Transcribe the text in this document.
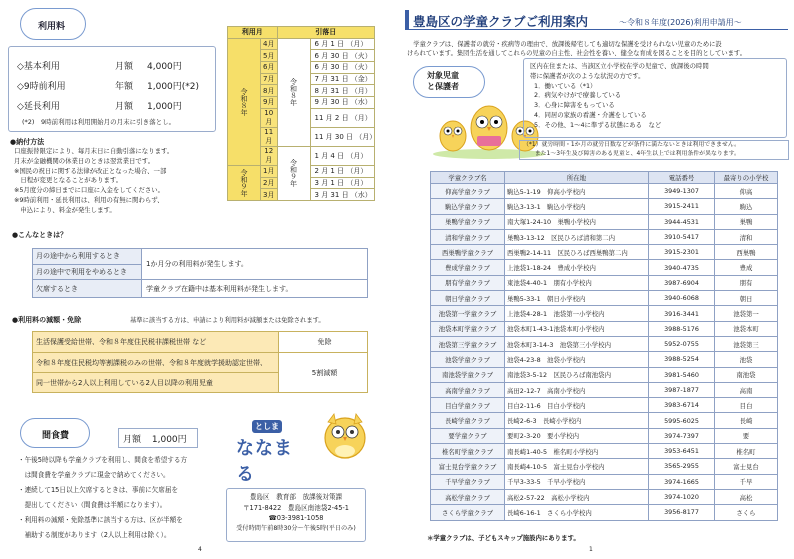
利用料
◇基本利用	月額 4,000円
◇9時前利用	年額 1,000円(*2)
◇延長利用	月額 1,000円
(*2)　9時前利用は利用開始月の月末に引き落とし。
●納付方法
口座振替限定により、毎月末日に自動引落になります。
月末が金融機関の休業日のときは翌営業日です。
※国民の祝日に関する法律が改正となった場合、一部
　日程が変更となることがあります。
※5月度分の締日までに口座に入金をしてください。
※9時前利用・延長利用は、利用の有無に関わらず、
　申込により、料金が発生します。
利用月		引落日	
令和８年	4月	令和８年	6 月 1 日 （月）
	5月		6 月 30 日 （火）
	6月		6 月 30 日 （火）
	7月		7 月 31 日 （金）
	8月		8 月 31 日 （月）
	9月		9 月 30 日 （水）
	10月		11 月 2 日 （月）
	11月		11 月 30 日 （月）
	12月	令和９年	1 月 4 日 （月）
令和９年	1月		2 月 1 日 （月）
	2月		3 月 1 日 （月）
	3月		3 月 31 日 （水）
●こんなときは？
月の途中から利用するとき	1か月分の利用料が発生します。
月の途中で利用をやめるとき	
欠席するとき	学童クラブ在籍中は基本利用料が発生します。
●利用料の減額・免除	基準に該当する方は、申請により利用料が減額または免除されます。
生活保護受給世帯、令和８年度住民税非課税世帯 など	免除
令和８年度住民税均等割課税のみの世帯、令和８年度就学援助認定世帯、	5割減額
同一世帯から2人以上利用している2人目以降の利用児童	
間食費	月額 1,000円
・午後5時以降も学童クラブを利用し、間食を希望する方
　は間食費を学童クラブに現金で納めてください。
・連続して15日以上欠席するときは、事前に欠席届を
　提出してください（間食費は半額になります）。
・利用料の減額・免除基準に該当する方は、区が半額を
　補助する制度があります（2人以上利用は除く）。
としま
ななまる
豊島区　教育部　放課後対策課
〒171-8422　豊島区南池袋2-45-1
☎03-3981-1058
受付時間午前8時30分～午後5時(平日のみ)
4
豊島区の学童クラブご利用案内	～令和８年度(2026)利用申請用～
　学童クラブは、保護者の就労・疾病等の理由で、放課後帰宅しても適切な保護を受けられない児童のために設
けられています。集団生活を通してこれらの児童の自主性、社会性を養い、健全な育成を図ることを目的としています。
対象児童
と保護者
区内在住または、当該区立小学校在学の児童で、放課後の時間
帯に保護者が次のような状況の方です。
1．働いている（*1）
2．病気やけがで療養している
3．心身に障害をもっている
4．同居の家族の看護・介護をしている
5．その他、1～4に準ずる状態にある　など
（*1）就労時間・1か月の就労日数などが条件に満たないときは利用できません。
　　また1～3年生及び障害のある児童と、4年生以上では利用条件が異なります。
学童クラブ名	所在地	電話番号	最寄りの小学校
仰高学童クラブ	駒込5-1-19　仰高小学校内	3949-1307	仰高
駒込学童クラブ	駒込3-13-1　駒込小学校内	3915-2411	駒込
巣鴨学童クラブ	南大塚1-24-10　巣鴨小学校内	3944-4531	巣鴨
清和学童クラブ	巣鴨3-13-12　区民ひろば清和第二内	3910-5417	清和
西巣鴨学童クラブ	西巣鴨2-14-11　区民ひろば西巣鴨第二内	3915-2301	西巣鴨
豊成学童クラブ	上池袋1-18-24　豊成小学校内	3940-4735	豊成
朋有学童クラブ	東池袋4-40-1　朋有小学校内	3987-6904	朋有
朝日学童クラブ	巣鴨5-33-1　朝日小学校内	3940-6068	朝日
池袋第一学童クラブ	上池袋4-28-1　池袋第一小学校内	3916-3441	池袋第一
池袋本町学童クラブ	池袋本町1-43-1池袋本町小学校内	3988-5176	池袋本町
池袋第三学童クラブ	池袋本町3-14-3　池袋第三小学校内	5952-0755	池袋第三
池袋学童クラブ	池袋4-23-8　池袋小学校内	3988-5254	池袋
南池袋学童クラブ	南池袋3-5-12　区民ひろば南池袋内	3981-5460	南池袋
高南学童クラブ	高田2-12-7　高南小学校内	3987-1877	高南
目白学童クラブ	目白2-11-6　目白小学校内	3983-6714	目白
長崎学童クラブ	長崎2-6-3　長崎小学校内	5995-6025	長崎
要学童クラブ	要町2-3-20　要小学校内	3974-7397	要
椎名町学童クラブ	南長崎1-40-5　椎名町小学校内	3953-6451	椎名町
富士見台学童クラブ	南長崎4-10-5　富士見台小学校内	3565-2955	富士見台
千早学童クラブ	千早3-33-5　千早小学校内	3974-1665	千早
高松学童クラブ	高松2-57-22　高松小学校内	3974-1020	高松
さくら学童クラブ	長崎6-16-1　さくら小学校内	3956-8177	さくら
＊学童クラブは、子どもスキップ施設内にあります。
1
